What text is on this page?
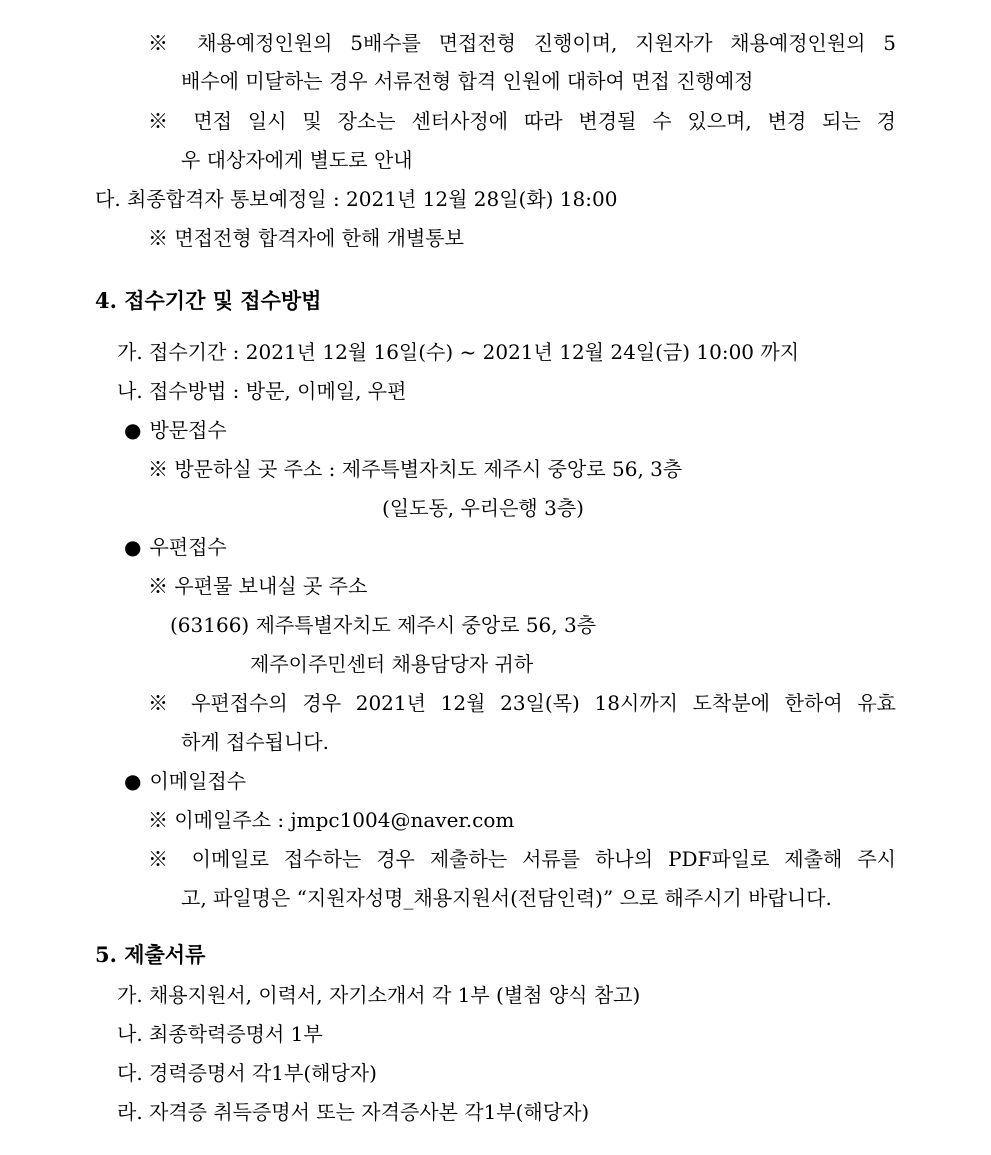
※ 채용예정인원의 5배수를 면접전형 진행이며, 지원자가 채용예정인원의 5
배수에 미달하는 경우 서류전형 합격 인원에 대하여 면접 진행예정
※ 면접 일시 및 장소는 센터사정에 따라 변경될 수 있으며, 변경 되는 경
우 대상자에게 별도로 안내
다. 최종합격자 통보예정일 : 2021년 12월 28일(화) 18:00
※ 면접전형 합격자에 한해 개별통보
4. 접수기간 및 접수방법
가. 접수기간 : 2021년 12월 16일(수) ~ 2021년 12월 24일(금) 10:00 까지
나. 접수방법 : 방문, 이메일, 우편
● 방문접수
※ 방문하실 곳 주소 : 제주특별자치도 제주시 중앙로 56, 3층
(일도동, 우리은행 3층)
● 우편접수
※ 우편물 보내실 곳 주소
(63166) 제주특별자치도 제주시 중앙로 56, 3층
제주이주민센터 채용담당자 귀하
※ 우편접수의 경우 2021년 12월 23일(목) 18시까지 도착분에 한하여 유효
하게 접수됩니다.
● 이메일접수
※ 이메일주소 : jmpc1004@naver.com
※ 이메일로 접수하는 경우 제출하는 서류를 하나의 PDF파일로 제출해 주시
고, 파일명은 “지원자성명_채용지원서(전담인력)” 으로 해주시기 바랍니다.
5. 제출서류
가. 채용지원서, 이력서, 자기소개서 각 1부 (별첨 양식 참고)
나. 최종학력증명서 1부
다. 경력증명서 각1부(해당자)
라. 자격증 취득증명서 또는 자격증사본 각1부(해당자)
